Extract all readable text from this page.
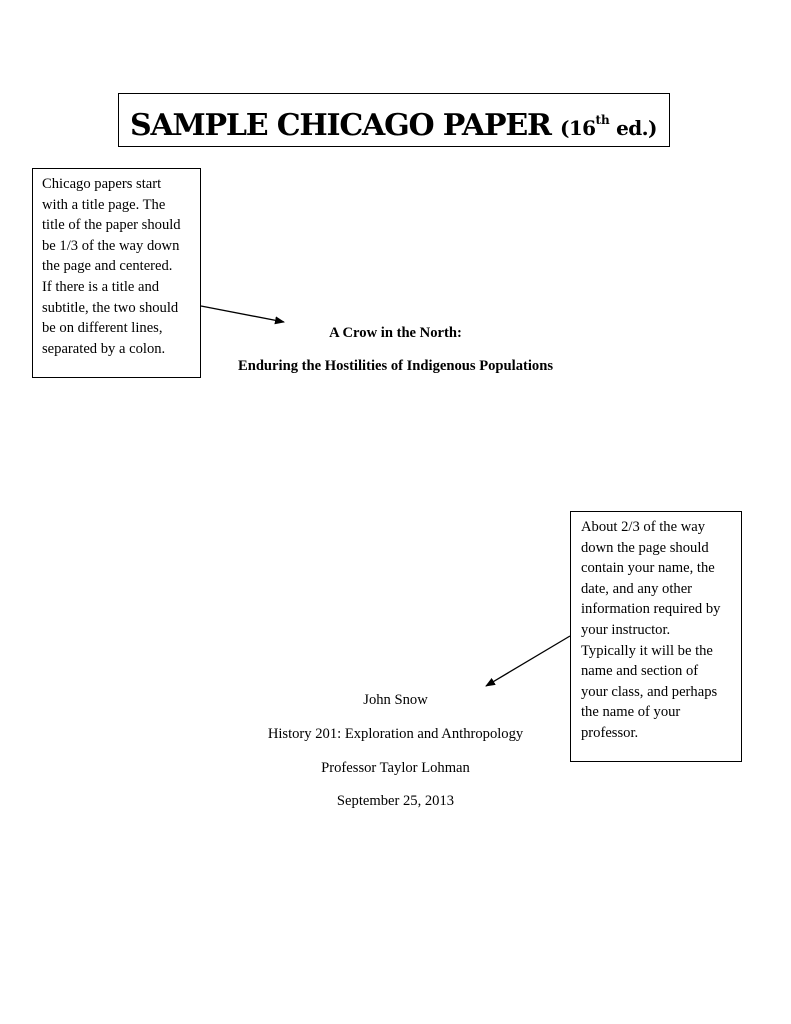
SAMPLE CHICAGO PAPER (16th ed.)
Chicago papers start
with a title page. The
title of the paper should
be 1/3 of the way down
the page and centered.
If there is a title and
subtitle, the two should
be on different lines,
separated by a colon.
A Crow in the North:
Enduring the Hostilities of Indigenous Populations
About 2/3 of the way
down the page should
contain your name, the
date, and any other
information required by
your instructor.
Typically it will be the
name and section of
your class, and perhaps
the name of your
professor.
John Snow
History 201: Exploration and Anthropology
Professor Taylor Lohman
September 25, 2013
